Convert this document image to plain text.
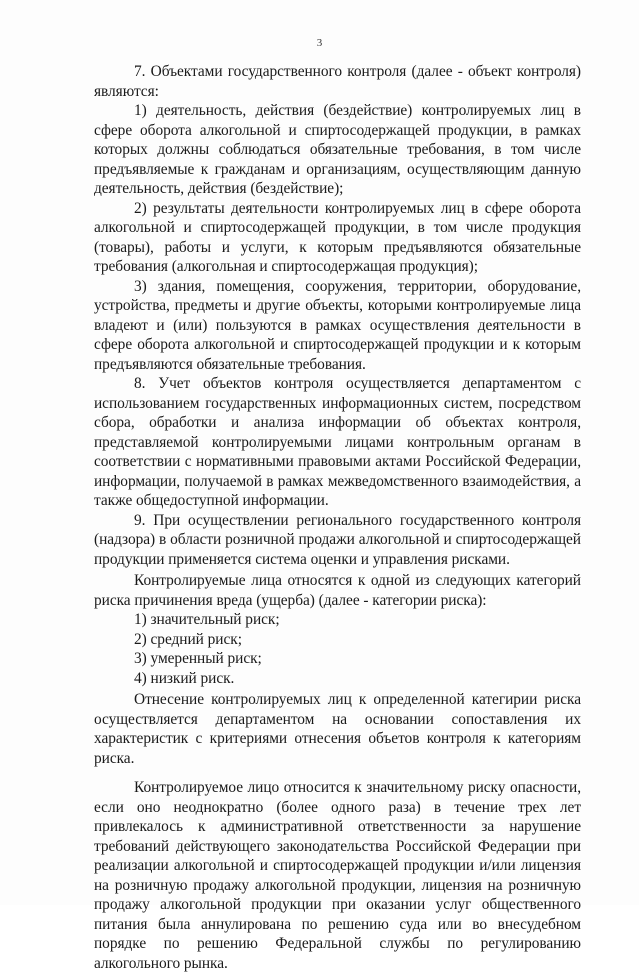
3

7. Объектами государственного контроля (далее - объект контроля) являются:

1) деятельность, действия (бездействие) контролируемых лиц в сфере оборота алкогольной и спиртосодержащей продукции, в рамках которых должны соблюдаться обязательные требования, в том числе предъявляемые к гражданам и организациям, осуществляющим данную деятельность, действия (бездействие);

2) результаты деятельности контролируемых лиц в сфере оборота алкогольной и спиртосодержащей продукции, в том числе продукция (товары), работы и услуги, к которым предъявляются обязательные требования (алкогольная и спиртосодержащая продукция);

3) здания, помещения, сооружения, территории, оборудование, устройства, предметы и другие объекты, которыми контролируемые лица владеют и (или) пользуются в рамках осуществления деятельности в сфере оборота алкогольной и спиртосодержащей продукции и к которым предъявляются обязательные требования.

8. Учет объектов контроля осуществляется департаментом с использованием государственных информационных систем, посредством сбора, обработки и анализа информации об объектах контроля, представляемой контролируемыми лицами контрольным органам в соответствии с нормативными правовыми актами Российской Федерации, информации, получаемой в рамках межведомственного взаимодействия, а также общедоступной информации.

9. При осуществлении регионального государственного контроля (надзора) в области розничной продажи алкогольной и спиртосодержащей продукции применяется система оценки и управления рисками.

Контролируемые лица относятся к одной из следующих категорий риска причинения вреда (ущерба) (далее - категории риска):

1) значительный риск;

2) средний риск;

3) умеренный риск;

4) низкий риск.

Отнесение контролируемых лиц к определенной категирии риска осуществляется департаментом на основании сопоставления их характеристик с критериями отнесения объетов контроля к категориям риска.

Контролируемое лицо относится к значительному риску опасности, если оно неоднократно (более одного раза) в течение трех лет привлекалось к административной ответственности за нарушение требований действующего законодательства Российской Федерации при реализации алкогольной и спиртосодержащей продукции и/или лицензия на розничную продажу алкогольной продукции, лицензия на розничную продажу алкогольной продукции при оказании услуг общественного питания была аннулирована по решению суда или во внесудебном порядке по решению Федеральной службы по регулированию алкогольного рынка.
